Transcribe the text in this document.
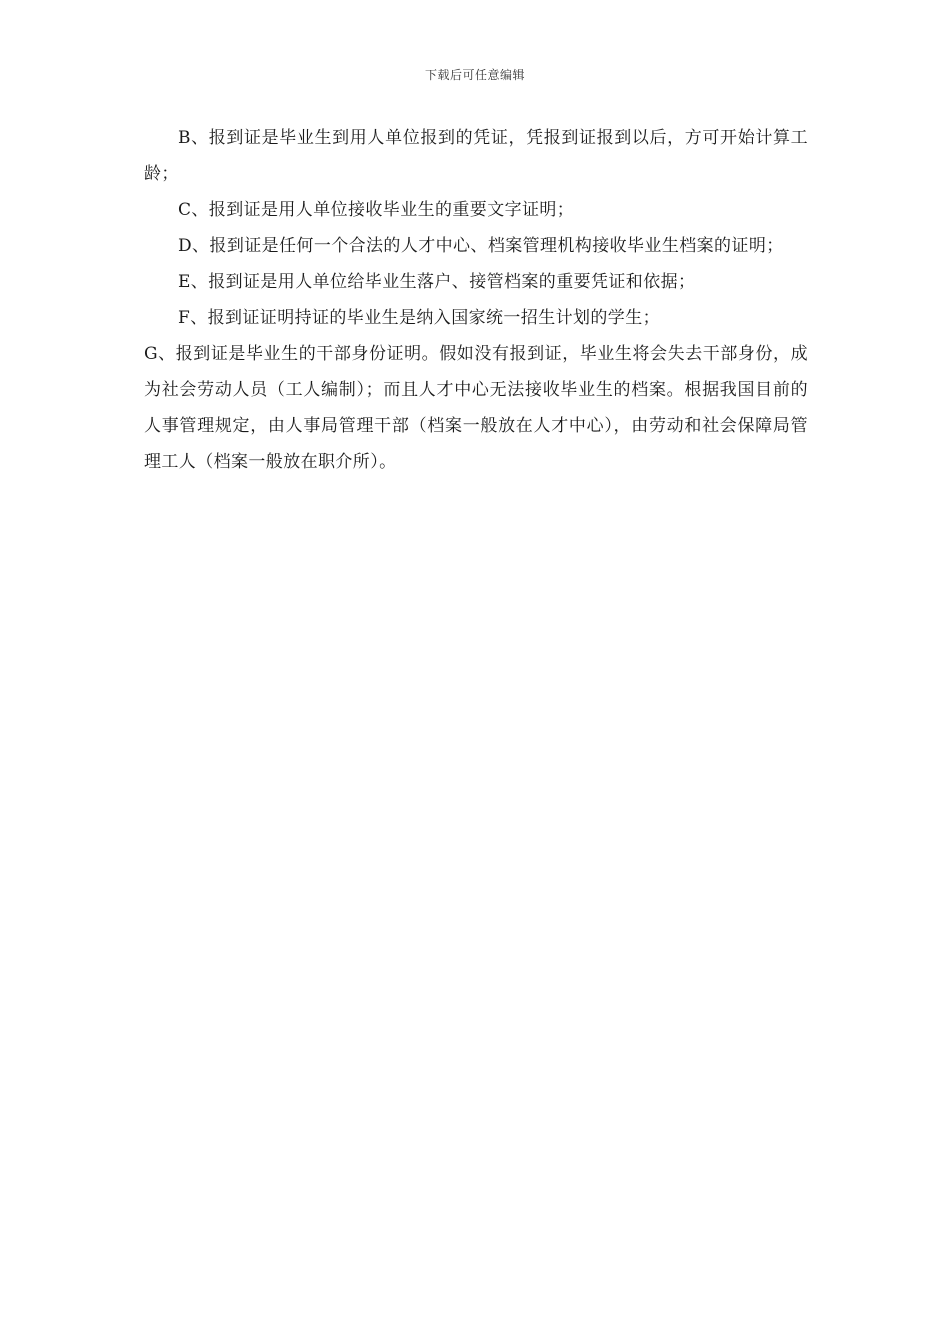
下载后可任意编辑

B、报到证是毕业生到用人单位报到的凭证，凭报到证报到以后，方可开始计算工龄；

C、报到证是用人单位接收毕业生的重要文字证明；

D、报到证是任何一个合法的人才中心、档案管理机构接收毕业生档案的证明；

E、报到证是用人单位给毕业生落户、接管档案的重要凭证和依据；

F、报到证证明持证的毕业生是纳入国家统一招生计划的学生；

G、报到证是毕业生的干部身份证明。假如没有报到证，毕业生将会失去干部身份，成为社会劳动人员（工人编制）；而且人才中心无法接收毕业生的档案。根据我国目前的人事管理规定，由人事局管理干部（档案一般放在人才中心），由劳动和社会保障局管理工人（档案一般放在职介所）。
